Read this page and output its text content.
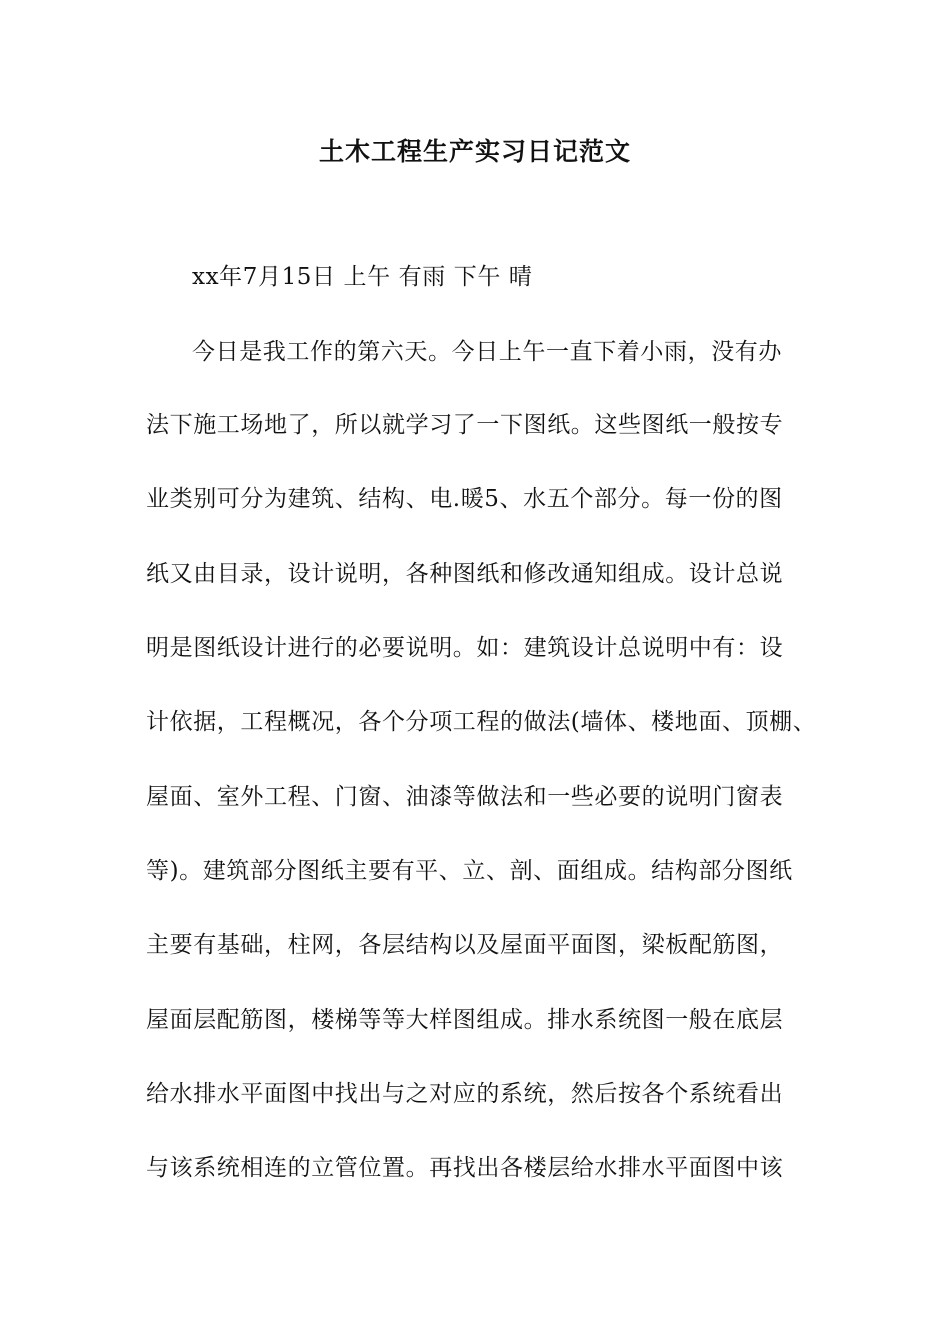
土木工程生产实习日记范文
xx年7月15日 上午 有雨 下午 晴
今日是我工作的第六天。今日上午一直下着小雨，没有办
法下施工场地了，所以就学习了一下图纸。这些图纸一般按专
业类别可分为建筑、结构、电.暖5、水五个部分。每一份的图
纸又由目录，设计说明，各种图纸和修改通知组成。设计总说
明是图纸设计进行的必要说明。如：建筑设计总说明中有：设
计依据，工程概况，各个分项工程的做法(墙体、楼地面、顶棚、
屋面、室外工程、门窗、油漆等做法和一些必要的说明门窗表
等)。建筑部分图纸主要有平、立、剖、面组成。结构部分图纸
主要有基础，柱网，各层结构以及屋面平面图，梁板配筋图，
屋面层配筋图，楼梯等等大样图组成。排水系统图一般在底层
给水排水平面图中找出与之对应的系统，然后按各个系统看出
与该系统相连的立管位置。再找出各楼层给水排水平面图中该
